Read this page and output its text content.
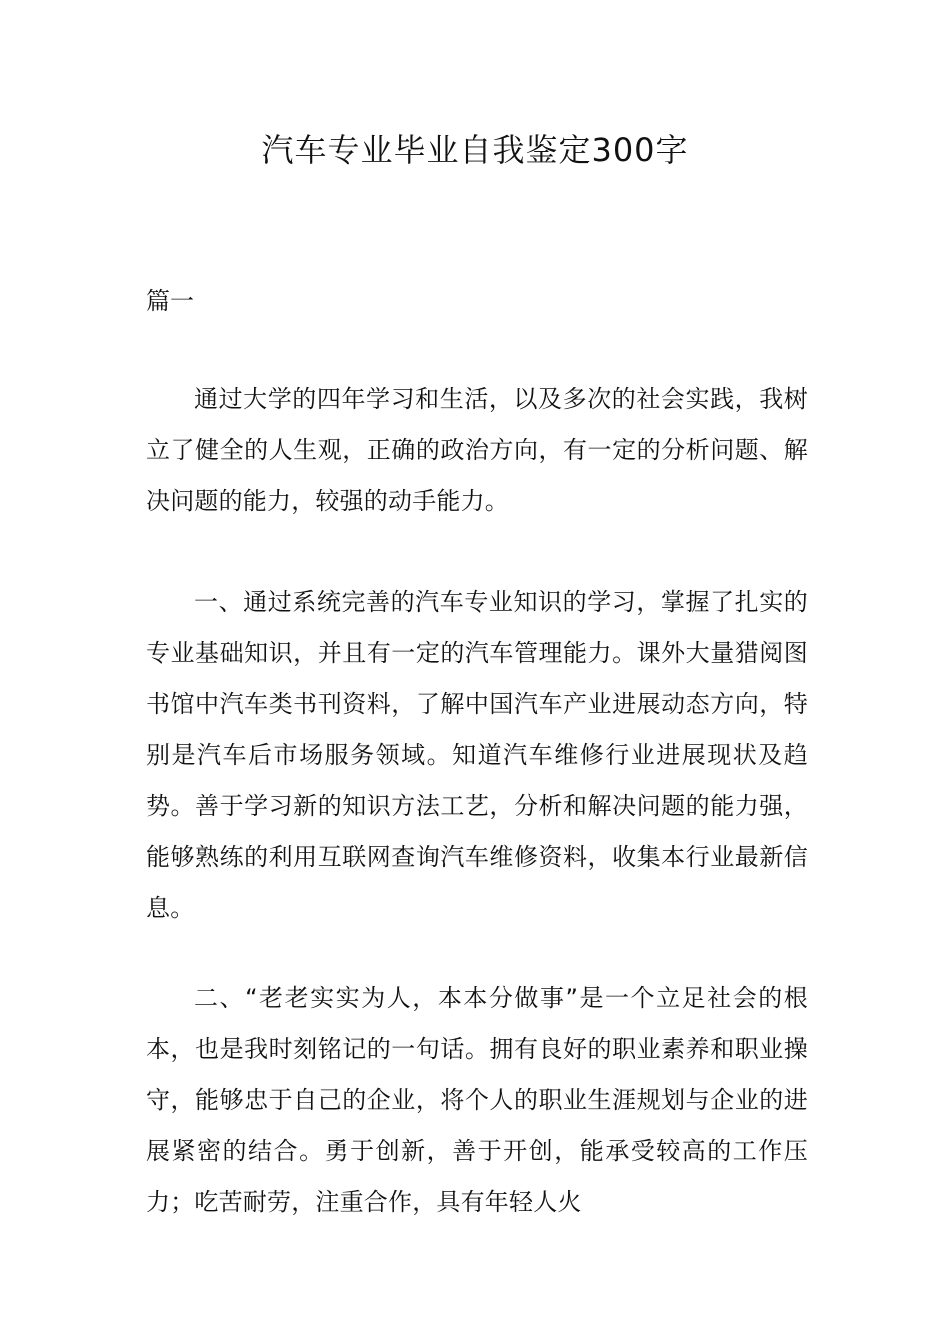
汽车专业毕业自我鉴定300字
篇一

通过大学的四年学习和生活，以及多次的社会实践，我树立了健全的人生观，正确的政治方向，有一定的分析问题、解决问题的能力，较强的动手能力。

一、通过系统完善的汽车专业知识的学习，掌握了扎实的专业基础知识，并且有一定的汽车管理能力。课外大量猎阅图书馆中汽车类书刊资料，了解中国汽车产业进展动态方向，特别是汽车后市场服务领域。知道汽车维修行业进展现状及趋势。善于学习新的知识方法工艺，分析和解决问题的能力强，能够熟练的利用互联网查询汽车维修资料，收集本行业最新信息。

二、“老老实实为人，本本分做事”是一个立足社会的根本，也是我时刻铭记的一句话。拥有良好的职业素养和职业操守，能够忠于自己的企业，将个人的职业生涯规划与企业的进展紧密的结合。勇于创新，善于开创，能承受较高的工作压力；吃苦耐劳，注重合作，具有年轻人火
